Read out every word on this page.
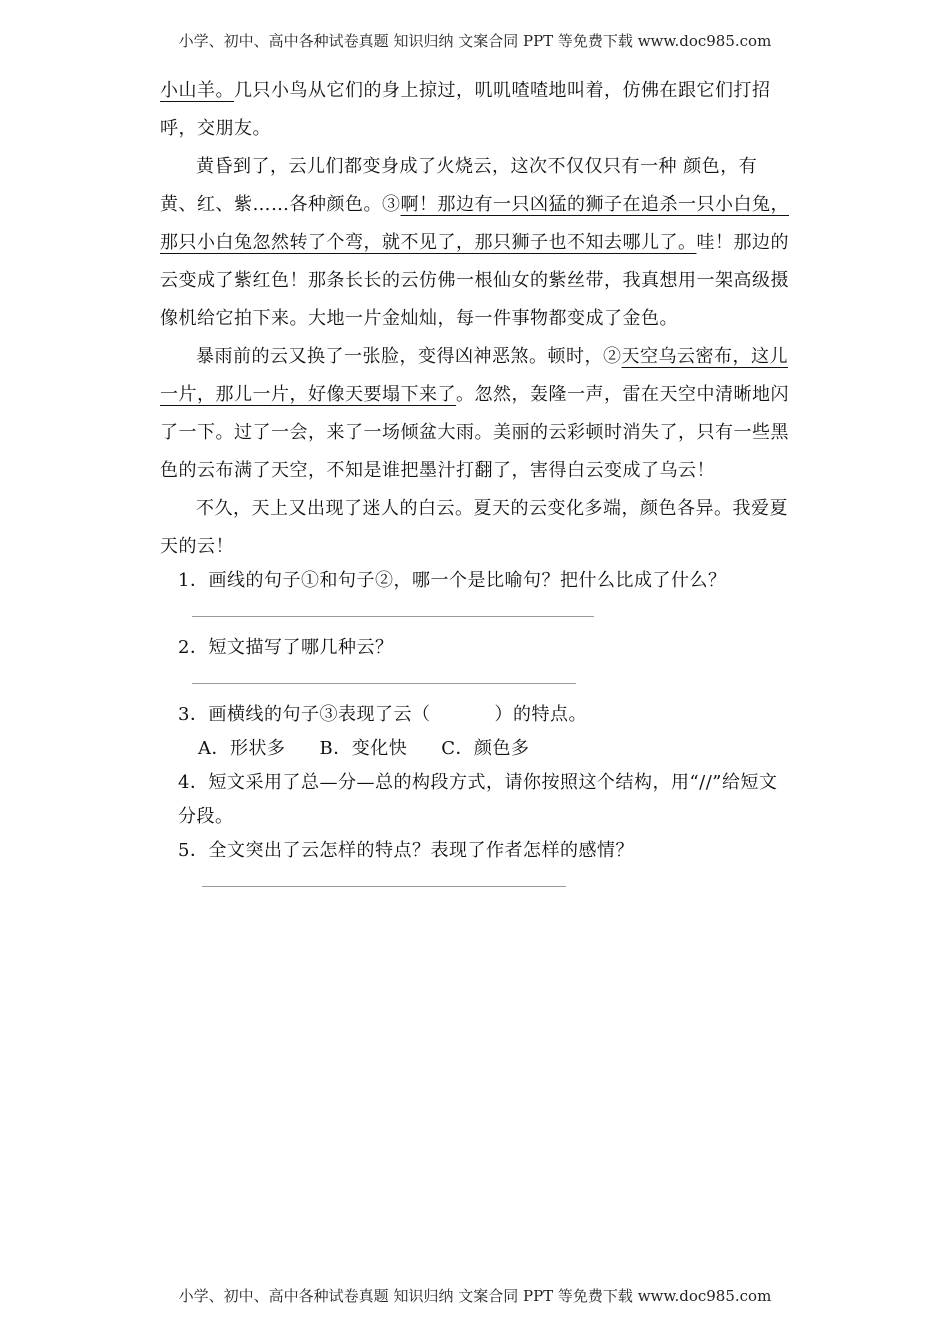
小学、初中、高中各种试卷真题 知识归纳 文案合同 PPT 等免费下载 www.doc985.com

小山羊。几只小鸟从它们的身上掠过，叽叽喳喳地叫着，仿佛在跟它们打招呼，交朋友。

黄昏到了，云儿们都变身成了火烧云，这次不仅仅只有一种 颜色，有黄、红、紫……各种颜色。③啊！那边有一只凶猛的狮子在追杀一只小白兔，那只小白兔忽然转了个弯，就不见了，那只狮子也不知去哪儿了。哇！那边的云变成了紫红色！那条长长的云仿佛一根仙女的紫丝带，我真想用一架高级摄像机给它拍下来。大地一片金灿灿，每一件事物都变成了金色。

暴雨前的云又换了一张脸，变得凶神恶煞。顿时，②天空乌云密布，这儿一片，那儿一片，好像天要塌下来了。忽然，轰隆一声，雷在天空中清晰地闪了一下。过了一会，来了一场倾盆大雨。美丽的云彩顿时消失了，只有一些黑色的云布满了天空，不知是谁把墨汁打翻了，害得白云变成了乌云！

不久，天上又出现了迷人的白云。夏天的云变化多端，颜色各异。我爱夏天的云！

1．画线的句子①和句子②，哪一个是比喻句？把什么比成了什么？

2．短文描写了哪几种云？

3．画横线的句子③表现了云（	）的特点。

A．形状多 B．变化快 C．颜色多

4．短文采用了总—分—总的构段方式，请你按照这个结构，用“//”给短文分段。

5．全文突出了云怎样的特点？表现了作者怎样的感情？

小学、初中、高中各种试卷真题 知识归纳 文案合同 PPT 等免费下载 www.doc985.com
